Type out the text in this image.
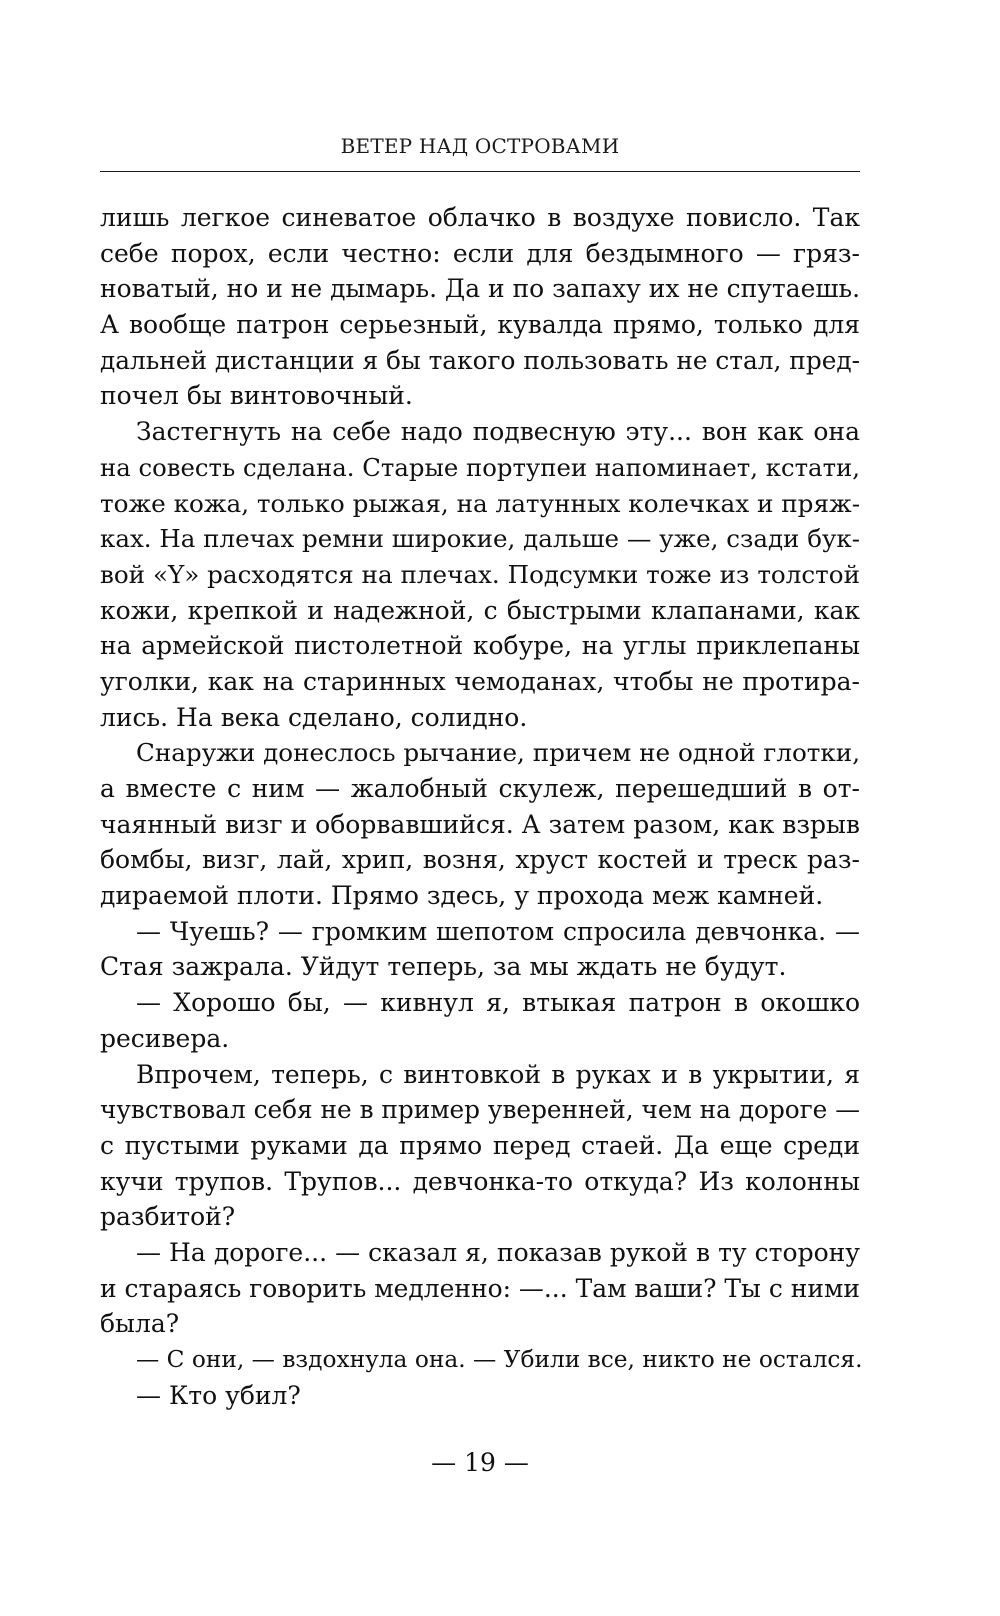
ВЕТЕР НАД ОСТРОВАМИ
лишь легкое синеватое облачко в воздухе повисло. Так
себе порох, если честно: если для бездымного — гряз-
новатый, но и не дымарь. Да и по запаху их не спутаешь.
А вообще патрон серьезный, кувалда прямо, только для
дальней дистанции я бы такого пользовать не стал, пред-
почел бы винтовочный.
Застегнуть на себе надо подвесную эту... вон как она
на совесть сделана. Старые портупеи напоминает, кстати,
тоже кожа, только рыжая, на латунных колечках и пряж-
ках. На плечах ремни широкие, дальше — уже, сзади бук-
вой «Y» расходятся на плечах. Подсумки тоже из толстой
кожи, крепкой и надежной, с быстрыми клапанами, как
на армейской пистолетной кобуре, на углы приклепаны
уголки, как на старинных чемоданах, чтобы не протира-
лись. На века сделано, солидно.
Снаружи донеслось рычание, причем не одной глотки,
а вместе с ним — жалобный скулеж, перешедший в от-
чаянный визг и оборвавшийся. А затем разом, как взрыв
бомбы, визг, лай, хрип, возня, хруст костей и треск раз-
дираемой плоти. Прямо здесь, у прохода меж камней.
— Чуешь? — громким шепотом спросила девчонка. —
Стая зажрала. Уйдут теперь, за мы ждать не будут.
— Хорошо бы, — кивнул я, втыкая патрон в окошко
ресивера.
Впрочем, теперь, с винтовкой в руках и в укрытии, я
чувствовал себя не в пример уверенней, чем на дороге —
с пустыми руками да прямо перед стаей. Да еще среди
кучи трупов. Трупов... девчонка-то откуда? Из колонны
разбитой?
— На дороге... — сказал я, показав рукой в ту сторону
и стараясь говорить медленно: —... Там ваши? Ты с ними
была?
— С они, — вздохнула она. — Убили все, никто не остался.
— Кто убил?
— 19 —
